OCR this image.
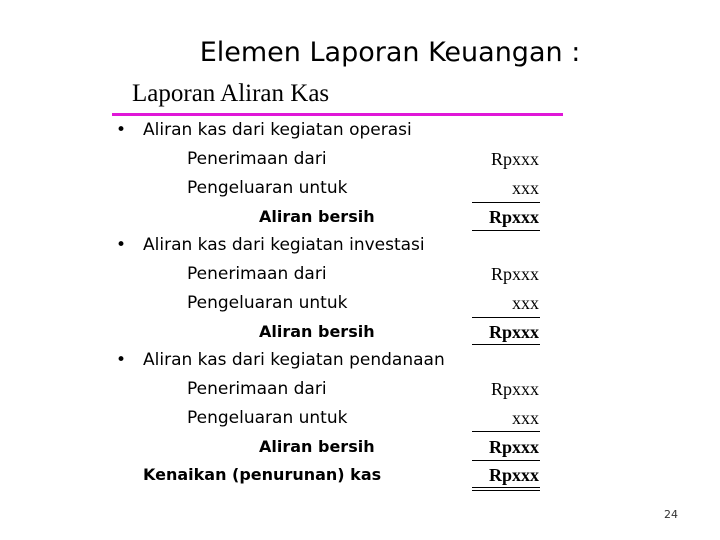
Elemen Laporan Keuangan :
Laporan Aliran Kas
• Aliran kas dari kegiatan operasi
Penerimaan dari	Rpxxx
Pengeluaran untuk	xxx
Aliran bersih	Rpxxx
• Aliran kas dari kegiatan investasi
Penerimaan dari	Rpxxx
Pengeluaran untuk	xxx
Aliran bersih	Rpxxx
• Aliran kas dari kegiatan pendanaan
Penerimaan dari	Rpxxx
Pengeluaran untuk	xxx
Aliran bersih	Rpxxx
Kenaikan (penurunan) kas	Rpxxx
24
